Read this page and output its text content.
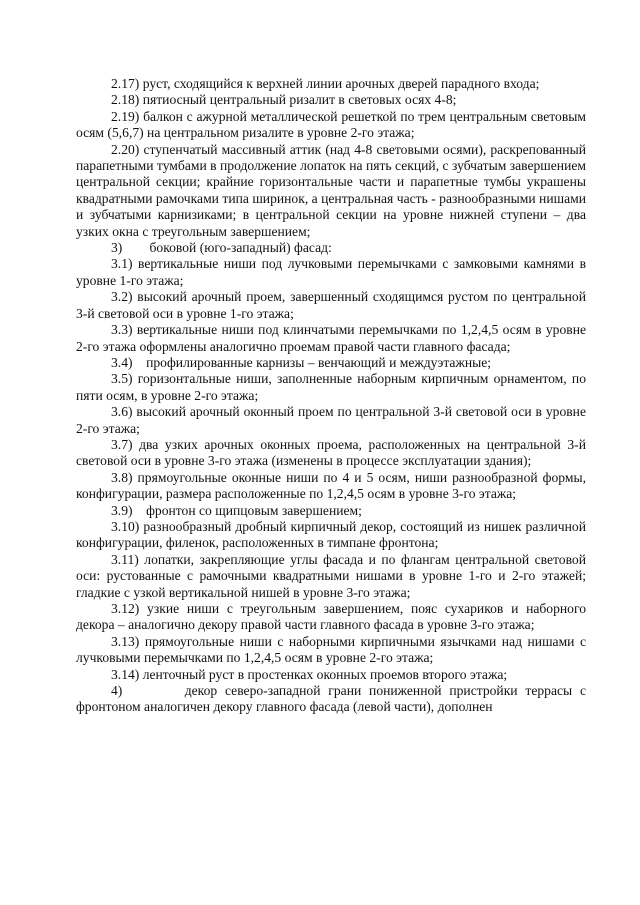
2.17) руст, сходящийся к верхней линии арочных дверей парадного входа;

2.18) пятиосный центральный ризалит в световых осях 4-8;

2.19) балкон с ажурной металлической решеткой по трем центральным световым осям (5,6,7) на центральном ризалите в уровне 2-го этажа;

2.20) ступенчатый массивный аттик (над 4-8 световыми осями), раскрепованный парапетными тумбами в продолжение лопаток на пять секций, с зубчатым завершением центральной секции; крайние горизонтальные части и парапетные тумбы украшены квадратными рамочками типа ширинок, а центральная часть - разнообразными нишами и зубчатыми карнизиками; в центральной секции на уровне нижней ступени – два узких окна с треугольным завершением;

3)        боковой (юго-западный) фасад:

3.1) вертикальные ниши под лучковыми перемычками с замковыми камнями в уровне 1-го этажа;

3.2) высокий арочный проем, завершенный сходящимся рустом по центральной 3-й световой оси в уровне 1-го этажа;

3.3) вертикальные ниши под клинчатыми перемычками по 1,2,4,5 осям в уровне 2-го этажа оформлены аналогично проемам правой части главного фасада;

3.4)    профилированные карнизы – венчающий и междуэтажные;

3.5) горизонтальные ниши, заполненные наборным кирпичным орнаментом, по пяти осям, в уровне 2-го этажа;

3.6) высокий арочный оконный проем по центральной 3-й световой оси в уровне 2-го этажа;

3.7) два узких арочных оконных проема, расположенных на центральной 3-й световой оси в уровне 3-го этажа (изменены в процессе эксплуатации здания);

3.8) прямоугольные оконные ниши по 4 и 5 осям, ниши разнообразной формы, конфигурации, размера расположенные по 1,2,4,5 осям в уровне 3-го этажа;

3.9)    фронтон со щипцовым завершением;

3.10) разнообразный дробный кирпичный декор, состоящий из нишек различной конфигурации, филенок, расположенных в тимпане фронтона;

3.11) лопатки, закрепляющие углы фасада и по флангам центральной световой оси: рустованные с рамочными квадратными нишами в уровне 1-го и 2-го этажей; гладкие с узкой вертикальной нишей в уровне 3-го этажа;

3.12) узкие ниши с треугольным завершением, пояс сухариков и наборного декора – аналогично декору правой части главного фасада в уровне 3-го этажа;

3.13) прямоугольные ниши с наборными кирпичными язычками над нишами с лучковыми перемычками по 1,2,4,5 осям в уровне 2-го этажа;

3.14) ленточный руст в простенках оконных проемов второго этажа;

4)        декор северо-западной грани пониженной пристройки террасы с фронтоном аналогичен декору главного фасада (левой части), дополнен
